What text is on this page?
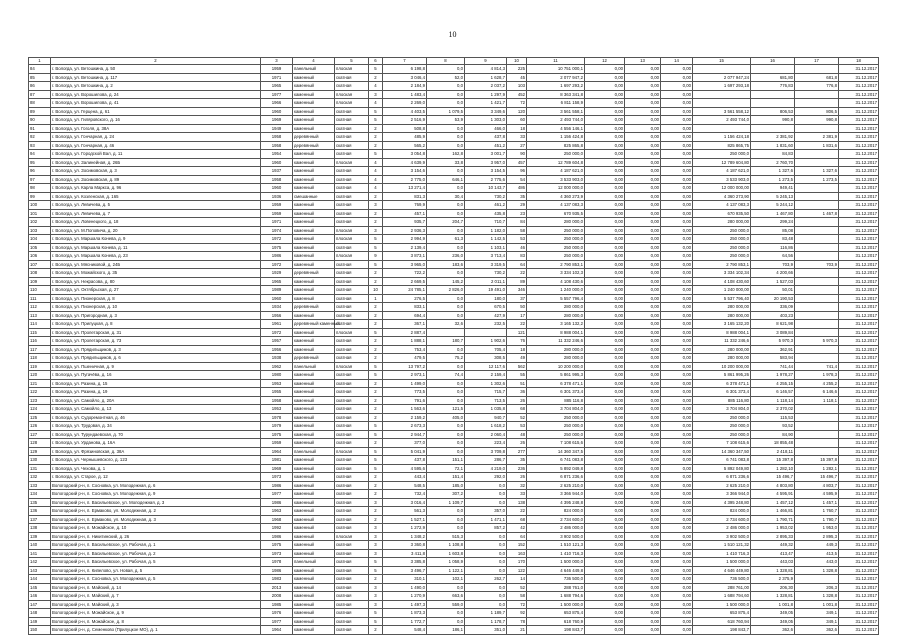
10
1	2	3	4	5	6	7	8	9	10	11	12	13	14	15	16	17	18
84	г. Вологда, ул. Ветошкина, д. 50	1959	панельный	плоская	5	6 198,8	0,0	4 814,3	225	10 751 000,1	0,00	0,00	0,00				31.12.2017
85	г. Вологда, ул. Ветошкина, д. 117	1971	каменный	скатная	2	3 046,4	52,0	1 628,7	45	2 077 947,2	0,00	0,00	0,00	2 077 947,24	681,80	681,8	31.12.2017
86	г. Вологда, ул. Ветошкина, д. 2	1965	каменный	скатная	4	2 184,9	0,0	2 037,2	103	1 697 293,2	0,00	0,00	0,00	1 697 293,18	776,83	776,8	31.12.2017
87	г. Вологда, ул. Ворошилова, д. 24	1977	каменный	плоская	3	1 483,4	0,0	1 297,9	452	8 363 341,8	0,00	0,00	0,00				31.12.2017
88	г. Вологда, ул. Ворошилова, д. 41	1966	каменный	плоская	4	2 269,0	0,0	1 421,7	72	6 811 158,9	0,00	0,00	0,00				31.12.2017
89	г. Вологда, ул. Герцена, д. 61	1960	каменный	скатная	5	4 403,5	1 079,5	3 349,6	120	3 561 558,1	0,00	0,00	0,00	3 561 558,12	806,53	806,5	31.12.2017
90	г. Вологда, ул. Гиляровского, д. 16	1969	каменный	скатная	5	2 516,9	53,9	1 303,0	60	2 493 744,0	0,00	0,00	0,00	2 493 744,0	990,8	990,8	31.12.2017
91	г. Вологда, ул. Гоголя, д. 38А	1949	каменный	скатная	2	508,8	0,0	466,0	18	4 556 146,1	0,00	0,00	0,00				31.12.2017
92	г. Вологда, ул. Гончарная, д. 24	1958	деревянный	скатная	2	485,9	0,0	437,8	33	1 156 424,8	0,00	0,00	0,00	1 156 424,18	2 381,92	2 381,9	31.12.2017
93	г. Вологда, ул. Гончарная, д. 46	1958	деревянный	скатная	2	565,2	0,0	451,2	27	825 865,8	0,00	0,00	0,00	825 865,75	1 831,60	1 831,6	31.12.2017
94	г. Вологда, ул. Городской Вал, д. 11	1954	каменный	скатная	5	3 054,8	162,8	3 001,7	90	250 000,0	0,00	0,00	0,00	250 000,0	84,83		31.12.2017
95	г. Вологда, ул. Залинейная, д. 26Б	1960	каменный	плоская	4	4 639,9	33,8	3 957,0	457	12 789 604,8	0,00	0,00	0,00	12 789 604,80	2 760,70		31.12.2017
96	г. Вологда, ул. Зосимовская, д. 3	1937	каменный	скатная	4	3 154,6	0,0	3 154,5	96	4 187 621,0	0,00	0,00	0,00	4 187 621,0	1 327,6	1 327,6	31.12.2017
97	г. Вологда, ул. Зосимовская, д. 89	1958	каменный	скатная	4	2 775,0	646,1	2 775,6	54	3 533 903,0	0,00	0,00	0,00	3 533 903,0	1 273,5	1 273,5	31.12.2017
98	г. Вологда, ул. Карла Маркса, д. 96	1960	каменный	скатная	4	13 271,4	0,0	10 143,7	486	12 000 000,0	0,00	0,00	0,00	12 000 000,00	949,41		31.12.2017
99	г. Вологда, ул. Козленская, д. 165	1936	смешанные	скатная	2	831,3	30,4	730,2	35	4 360 273,9	0,00	0,00	0,00	4 360 273,90	5 245,13		31.12.2017
100	г. Вологда, ул. Левичева, д. 5	1959	каменный	скатная	3	769,9	0,0	461,2	29	4 137 083,3	0,00	0,00	0,00	4 137 083,3	5 244,12		31.12.2017
101	г. Вологда, ул. Левичева, д. 7	1959	каменный	скатная	2	457,1	0,0	435,8	23	670 935,5	0,00	0,00	0,00	670 935,50	1 467,80	1 467,8	31.12.2017
102	г. Вологда, ул. Ловенецкого, д. 18	1971	каменный	скатная	2	935,7	204,7	710,7	84	280 000,0	0,00	0,00	0,00	280 000,00	299,24		31.12.2017
103	г. Вологда, ул. М.Поповича, д. 20	1974	каменный	плоская	3	2 936,3	0,0	1 182,0	58	250 000,0	0,00	0,00	0,00	250 000,0	85,08		31.12.2017
104	г. Вологда, ул. Маршала Конева, д. 9	1972	каменный	плоская	5	2 994,9	61,3	1 142,5	53	250 000,0	0,00	0,00	0,00	250 000,0	83,48		31.12.2017
105	г. Вологда, ул. Маршала Конева, д. 11	1975	каменный	скатная	5	2 139,4	0,0	1 103,1	46	250 000,0	0,00	0,00	0,00	250 000,0	116,86		31.12.2017
106	г. Вологда, ул. Маршала Конева, д. 23	1986	каменный	плоская	9	3 873,1	236,0	3 713,4	83	250 000,0	0,00	0,00	0,00	250 000,0	64,56		31.12.2017
107	г. Вологда, ул. Мясниковой, д. 24Б	1972	каменный	скатная	5	3 965,0	183,6	3 319,5	64	2 790 853,1	0,00	0,00	0,00	2 790 853,1	703,9	703,9	31.12.2017
108	г. Вологда, ул. Можайского, д. 35	1929	деревянный	скатная	2	722,2	0,0	730,2	22	3 334 102,3	0,00	0,00	0,00	3 334 102,34	4 200,66		31.12.2017
109	г. Вологда, ул. Некрасова, д. 80	1965	каменный	скатная	2	2 669,5	145,2	2 011,1	89	4 108 430,6	0,00	0,00	0,00	4 108 430,60	1 527,03		31.12.2017
110	г. Вологда, ул. Октябрьская, д. 27	1989	каменный	скатная	10	24 785,1	2 826,0	19 491,0	346	1 240 000,0	0,00	0,00	0,00	1 240 000,00	50,01		31.12.2017
111	г. Вологда, ул. Пионерская, д. 8	1960	каменный	скатная	1	276,5	0,0	180,0	37	5 557 796,4	0,00	0,00	0,00	5 537 796,40	20 190,53		31.12.2017
112	г. Вологда, ул. Пионерская, д. 10	1934	деревянный	скатная	2	833,1	0,0	670,5	50	280 000,0	0,00	0,00	0,00	280 000,00	336,09		31.12.2017
113	г. Вологда, ул. Пригородная, д. 3	1956	каменный	скатная	2	694,4	0,0	427,9	17	280 000,0	0,00	0,00	0,00	280 000,00	403,23		31.12.2017
114	г. Вологда, ул. Прилуцкая, д. 8	1961	деревянный каменный	скатная	2	367,1	32,6	232,5	22	3 165 132,2	0,00	0,00	0,00	3 165 132,20	8 621,98		31.12.2017
115	г. Вологда, ул. Пролетарская, д. 31	1972	каменный	плоская	5	2 887,4			121	8 988 004,1	0,00	0,00	0,00	8 988 004,1	3 089,84		31.12.2017
116	г. Вологда, ул. Пролетарская, д. 73	1957	каменный	скатная	2	1 888,1	180,7	1 902,6	76	11 332 246,6	0,00	0,00	0,00	11 332 246,6	5 970,3	5 970,3	31.12.2017
117	г. Вологда, ул. Прядильщиков, д. 3	1956	каменный	скатная	2	753,4	0,0	705,4	18	280 000,0	0,00	0,00	0,00	280 000,00	362,91		31.12.2017
118	г. Вологда, ул. Прядильщиков, д. 6	1938	деревянный	скатная	2	479,5	75,2	308,5	49	280 000,0	0,00	0,00	0,00	280 000,00	583,94		31.12.2017
119	г. Вологда, ул. Пшеничная, д. 9	1962	панельный	плоская	5	13 797,2	0,0	12 117,6	562	10 200 000,0	0,00	0,00	0,00	10 200 000,00	741,44	741,4	31.12.2017
120	г. Вологда, ул. Пугачёва, д. 16	1980	каменный	скатная	5	2 973,1	74,4	2 159,4	55	5 861 995,3	0,00	0,00	0,00	5 861 995,26	1 978,27	1 978,3	31.12.2017
121	г. Вологда, ул. Разина, д. 15	1953	каменный	скатная	2	1 499,0	0,0	1 302,6	51	6 378 471,1	0,00	0,00	0,00	6 378 471,1	4 255,15	4 255,2	31.12.2017
122	г. Вологда, ул. Разина, д. 19	1955	каменный	скатная	2	773,5	0,0	715,7	36	6 301 373,4	0,00	0,00	0,00	6 301 373,4	6 146,57	6 146,6	31.12.2017
123	г. Вологда, ул. Самойло, д. 20А	1958	каменный	скатная	2	791,6	0,0	713,5	26	885 116,8	0,00	0,00	0,00	885 116,80	1 118,14	1 118,1	31.12.2017
124	г. Вологда, ул. Самойло, д. 13	1953	каменный	скатная	2	1 563,6	121,5	1 035,8	68	3 704 804,0	0,00	0,00	0,00	3 704 804,0	2 370,02		31.12.2017
125	г. Вологда, ул. Судоремонтная, д. 46	1978	каменный	скатная	2	2 159,2	405,0	940,7	52	250 000,0	0,00	0,00	0,00	250 000,0	115,53		31.12.2017
126	г. Вологда, ул. Трудовая, д. 34	1979	каменный	скатная	5	2 673,3	0,0	1 618,2	53	250 000,0	0,00	0,00	0,00	250 000,0	93,52		31.12.2017
127	г. Вологда, ул. Турундаевская, д. 70	1975	каменный	скатная	5	2 944,7	0,0	2 060,4	48	250 000,0	0,00	0,00	0,00	250 000,0	84,90		31.12.2017
128	г. Вологда, ул. Урданова, д. 16А	1959	каменный	скатная	2	377,0	0,0	223,4	26	7 108 615,6	0,00	0,00	0,00	7 108 615,6	18 855,48		31.12.2017
129	г. Вологда, ул. Фрязиновская, д. 38А	1964	панельный	плоская	5	5 041,9	0,0	3 709,8	277	14 360 347,5	0,00	0,00	0,00	14 360 347,50	2 418,11		31.12.2017
130	г. Вологда, ул. Чернышевского, д. 123	1981	каменный	скатная	5	437,8	151,1	286,7	35	6 741 083,8	0,00	0,00	0,00	6 741 083,8	15 397,8	15 397,8	31.12.2017
131	г. Вологда, ул. Чехова, д. 1	1969	каменный	скатная	5	4 595,6	72,1	4 219,0	236	5 892 049,8	0,00	0,00	0,00	5 892 049,80	1 282,10	1 282,1	31.12.2017
132	г. Вологда, ул. Старое, д. 12	1973	каменный	скатная	2	443,4	151,4	292,0	26	6 871 236,6	0,00	0,00	0,00	6 871 236,6	15 496,7	15 496,7	31.12.2017
133	Вологодский р-н, п. Сосновка, ул. Молодежная, д. 6	1986	каменный	скатная	2	548,5	185,0	0,0	32	2 625 210,0	0,00	0,00	0,00	2 625 210,0	4 803,80	4 803,7	31.12.2017
134	Вологодский р-н, п. Сосновка, ул. Молодежная, д. 9	1977	каменный	скатная	2	732,4	307,2	0,0	33	3 366 944,0	0,00	0,00	0,00	3 366 944,0	4 595,91	4 595,9	31.12.2017
135	Вологодский р-н, п. Васильевское, ул. Молодежная, д. 3	1986	каменный	скатная	3	3 016,4	1 109,7	0,0	138	4 395 248,8	0,00	0,00	0,00	4 395 248,80	1 457,12	1 457,1	31.12.2017
136	Вологодский р-н, п. Ермаково, ул. Молодежная, д. 2	1963	каменный	скатная	2	561,3	0,0	357,0	22	824 000,0	0,00	0,00	0,00	824 000,0	1 466,81	1 760,7	31.12.2017
137	Вологодский р-н, п. Ермаково, ул. Молодежная, д. 3	1968	каменный	скатная	2	1 527,1	0,0	1 471,1	68	2 734 600,0	0,00	0,00	0,00	2 734 600,0	1 790,71	1 790,7	31.12.2017
138	Вологодский р-н, п. Можайское, д. 10	1992	каменный	скатная	3	1 272,9	0,0	857,2	42	2 486 000,0	0,00	0,00	0,00	2 486 000,0	1 953,02	1 953,0	31.12.2017
139	Вологодский р-н, п. Никитинский, д. 26	1986	каменный	плоская	3	1 348,2	515,3	0,0	64	3 902 500,0	0,00	0,00	0,00	3 902 500,0	2 895,33	2 895,3	31.12.2017
140	Вологодский р-н, п. Васильевское, ул. Рабочая, д. 1	1975	каменный	скатная	3	3 360,8	1 108,8	0,0	152	1 510 121,3	0,00	0,00	0,00	1 510 121,32	449,32	449,3	31.12.2017
141	Вологодский р-н, п. Васильевское, ул. Рабочая, д. 2	1973	каменный	скатная	3	3 411,8	1 603,8	0,0	163	1 410 716,3	0,00	0,00	0,00	1 410 716,3	413,47	413,5	31.12.2017
142	Вологодский р-н, п. Васильевское, ул. Рабочая, д. 5	1978	панельный	скатная	5	3 385,8	1 058,9	0,0	170	1 500 000,0	0,00	0,00	0,00	1 500 000,0	443,03	443,0	31.12.2017
143	Вологодский р-н, п. Кипелово, ул. Новая, д. 5	1986	каменный	скатная	5	3 496,7	1 122,1	0,0	122	4 646 449,8	0,00	0,00	0,00	4 646 449,80	1 328,81	1 328,8	31.12.2017
144	Вологодский р-н, п. Сосновка, ул. Молодежная, д. 5	1983	каменный	скатная	2	310,1	102,1	262,7	14	736 500,0	0,00	0,00	0,00	736 500,0	2 375,9		31.12.2017
145	Вологодский р-н, п. Майский, д. 14	2013	каменный	скатная	3	1 490,0	0,0	0,0	52	288 761,0	0,00	0,00	0,00	288 761,00	206,30	206,3	31.12.2017
146	Вологодский р-н, п. Майский, д. 7	2008	каменный	скатная	3	1 270,9	663,6	0,0	58	1 688 794,6	0,00	0,00	0,00	1 688 794,60	1 328,81	1 328,8	31.12.2017
147	Вологодский р-н, п. Майский, д. 3	1985	каменный	скатная	3	1 497,3	559,0	0,0	72	1 500 000,0	0,00	0,00	0,00	1 500 000,0	1 001,8	1 001,8	31.12.2017
148	Вологодский р-н, п. Можайское, д. 9	1976	каменный	скатная	5	1 873,3	0,0	1 189,7	92	653 875,4	0,00	0,00	0,00	653 875,4	349,05	349,1	31.12.2017
149	Вологодский р-н, п. Можайское, д. 8	1977	каменный	скатная	5	1 772,7	0,0	1 178,7	78	618 760,9	0,00	0,00	0,00	618 760,94	349,05	349,1	31.12.2017
150	Вологодский р-н, д. Семенково (Прилуцкое МО), д. 1	1964	каменный	скатная	2	548,4	186,1	351,0	21	198 843,7	0,00	0,00	0,00	198 843,7	362,6	362,6	31.12.2017
